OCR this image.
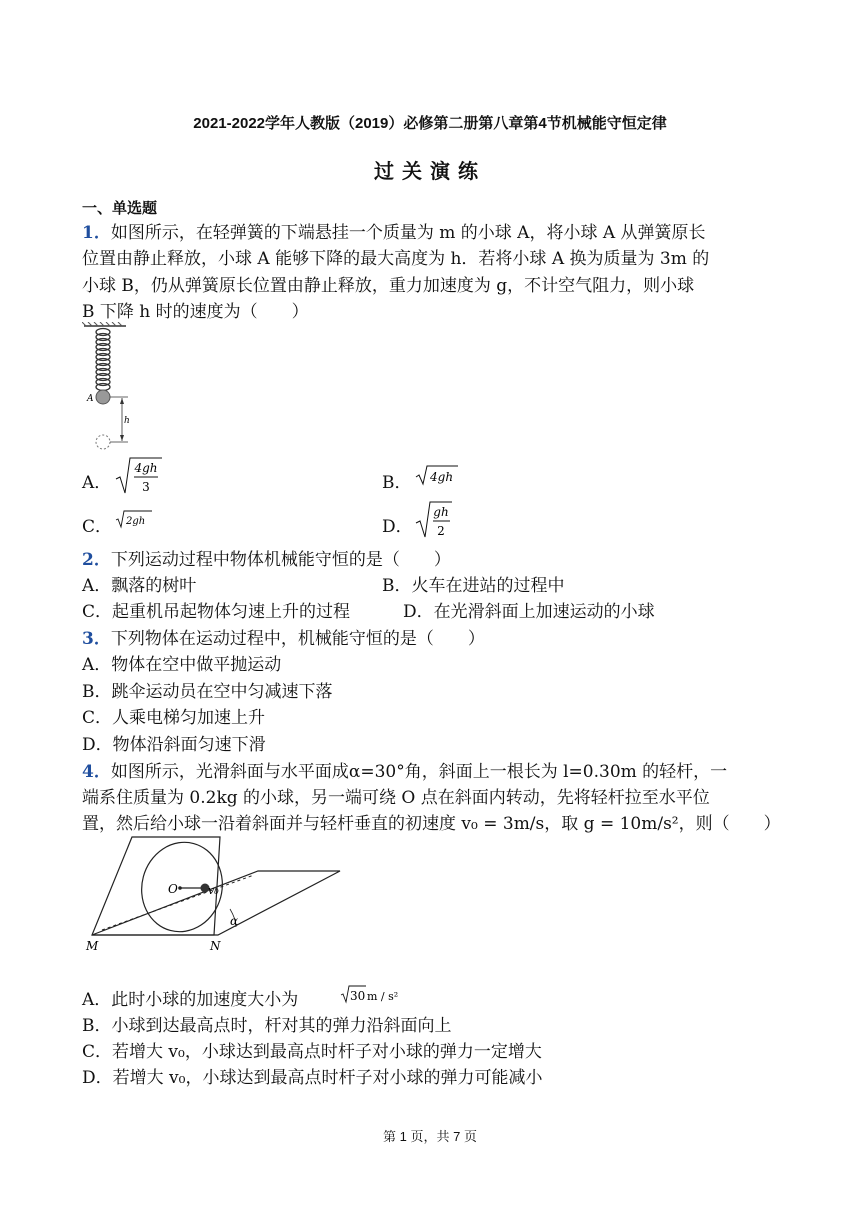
2021-2022学年人教版（2019）必修第二册第八章第4节机械能守恒定律
过关演练
一、单选题
1．如图所示，在轻弹簧的下端悬挂一个质量为 m 的小球 A，将小球 A 从弹簧原长
位置由静止释放，小球 A 能够下降的最大高度为 h．若将小球 A 换为质量为 3m 的
小球 B，仍从弹簧原长位置由静止释放，重力加速度为 g，不计空气阻力，则小球
B 下降 h 时的速度为（　　）
A
h
A．
4gh
3	B． 4gh
C． 2gh	D．
gh
2
2．下列运动过程中物体机械能守恒的是（　　）
A．飘落的树叶	B．火车在进站的过程中
C．起重机吊起物体匀速上升的过程	D．在光滑斜面上加速运动的小球
3．下列物体在运动过程中，机械能守恒的是（　　）
A．物体在空中做平抛运动
B．跳伞运动员在空中匀减速下落
C．人乘电梯匀加速上升
D．物体沿斜面匀速下滑
4．如图所示，光滑斜面与水平面成α=30°角，斜面上一根长为 l=0.30m 的轻杆，一
端系住质量为 0.2kg 的小球，另一端可绕 O 点在斜面内转动，先将轻杆拉至水平位
置，然后给小球一沿着斜面并与轻杆垂直的初速度 v₀ = 3m/s，取 g = 10m/s²，则（　　）
O	v₀
α
M	N
A．此时小球的加速度大小为	30 m / s²
B．小球到达最高点时，杆对其的弹力沿斜面向上
C．若增大 v₀，小球达到最高点时杆子对小球的弹力一定增大
D．若增大 v₀，小球达到最高点时杆子对小球的弹力可能减小
第 1 页，共 7 页
